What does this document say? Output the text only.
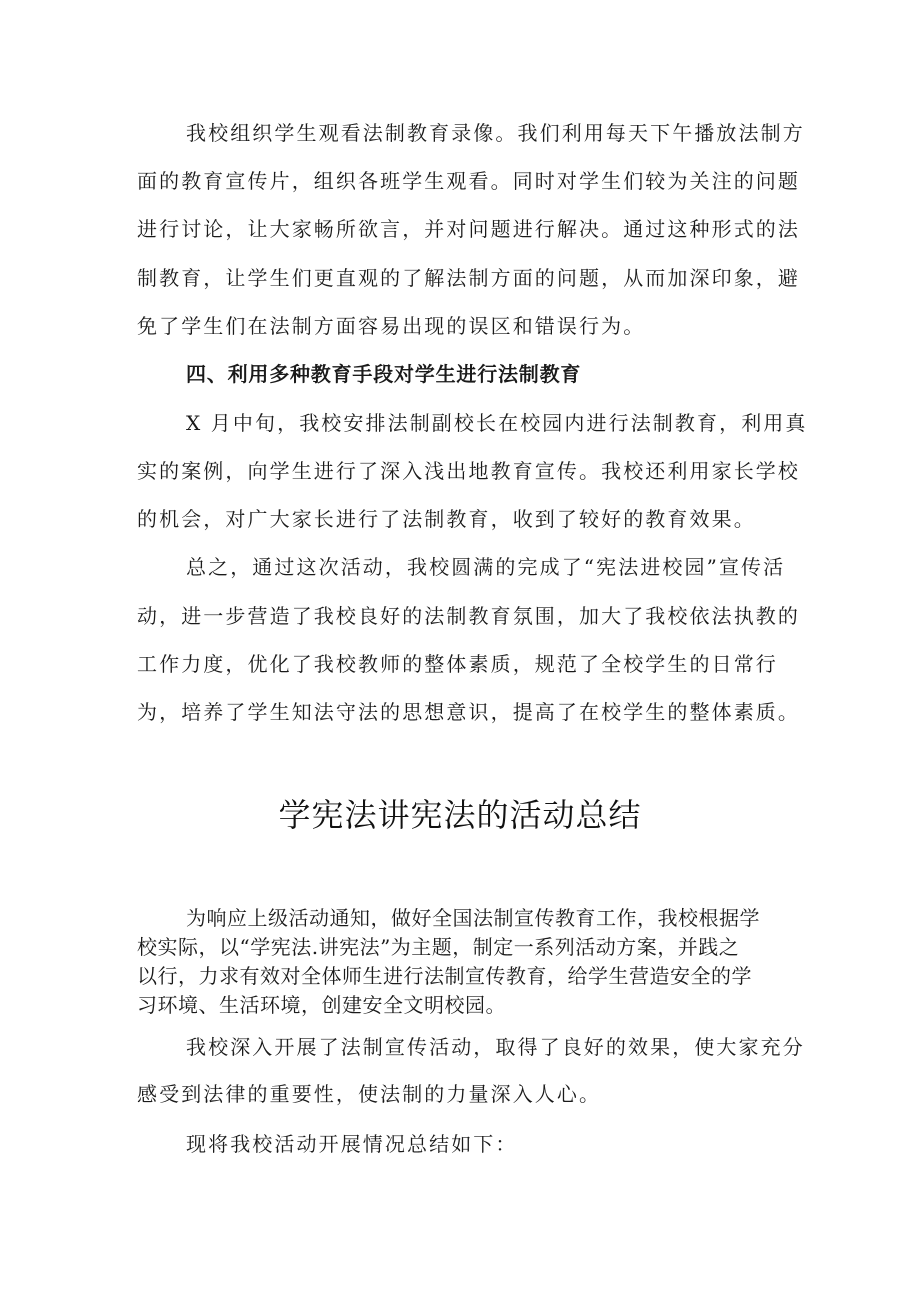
我校组织学生观看法制教育录像。我们利用每天下午播放法制方
面的教育宣传片，组织各班学生观看。同时对学生们较为关注的问题
进行讨论，让大家畅所欲言，并对问题进行解决。通过这种形式的法
制教育，让学生们更直观的了解法制方面的问题，从而加深印象，避
免了学生们在法制方面容易出现的误区和错误行为。
四、利用多种教育手段对学生进行法制教育
X 月中旬，我校安排法制副校长在校园内进行法制教育，利用真
实的案例，向学生进行了深入浅出地教育宣传。我校还利用家长学校
的机会，对广大家长进行了法制教育，收到了较好的教育效果。
总之，通过这次活动，我校圆满的完成了“宪法进校园”宣传活
动，进一步营造了我校良好的法制教育氛围，加大了我校依法执教的
工作力度，优化了我校教师的整体素质，规范了全校学生的日常行
为，培养了学生知法守法的思想意识，提高了在校学生的整体素质。
学宪法讲宪法的活动总结
为响应上级活动通知，做好全国法制宣传教育工作，我校根据学
校实际，以“学宪法.讲宪法”为主题，制定一系列活动方案，并践之
以行，力求有效对全体师生进行法制宣传教育，给学生营造安全的学
习环境、生活环境，创建安全文明校园。
我校深入开展了法制宣传活动，取得了良好的效果，使大家充分
感受到法律的重要性，使法制的力量深入人心。
现将我校活动开展情况总结如下：
